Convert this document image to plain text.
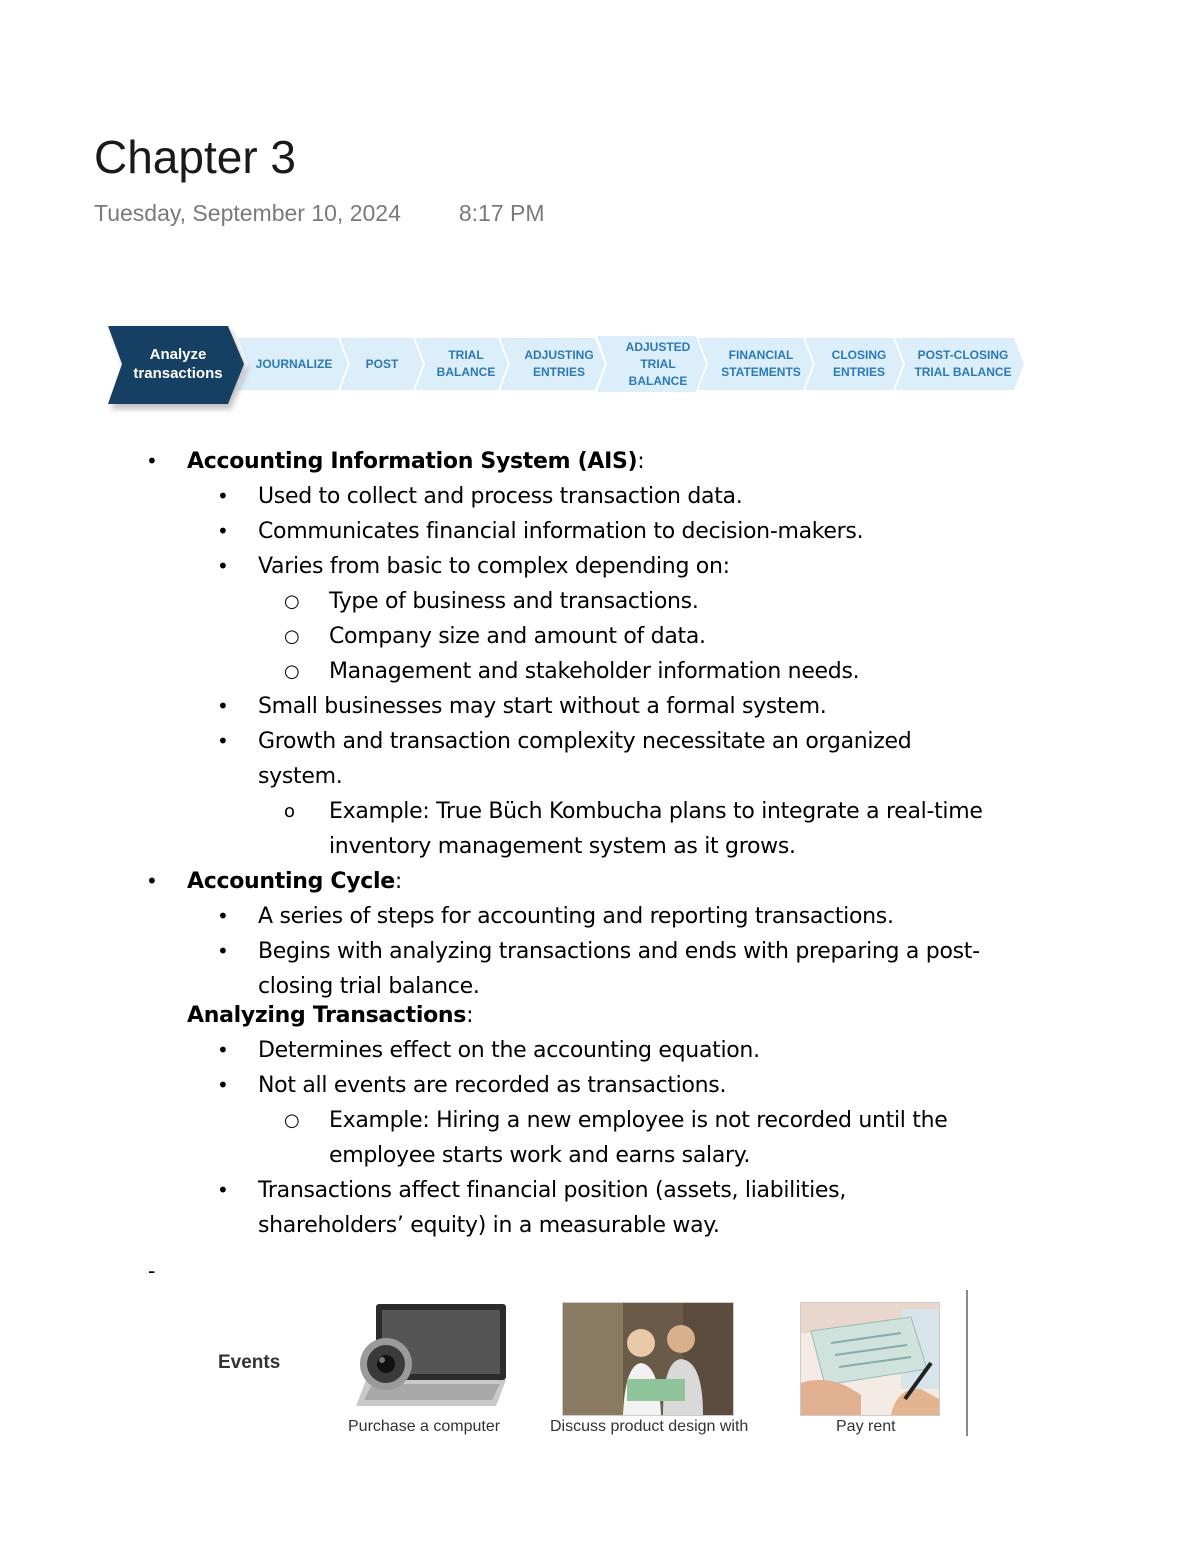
Chapter 3
Tuesday, September 10, 2024	8:17 PM
Analyze
transactions
JOURNALIZE	POST
TRIAL
BALANCE
ADJUSTING
ENTRIES
ADJUSTED
TRIAL
BALANCE
FINANCIAL
STATEMENTS
CLOSING
ENTRIES
POST-CLOSING
TRIAL BALANCE
• Accounting Information System (AIS):
• Used to collect and process transaction data.
• Communicates financial information to decision-makers.
• Varies from basic to complex depending on:
○ Type of business and transactions.
○ Company size and amount of data.
○ Management and stakeholder information needs.
• Small businesses may start without a formal system.
• Growth and transaction complexity necessitate an organized system.
o Example: True Büch Kombucha plans to integrate a real-time inventory management system as it grows.
• Accounting Cycle:
• A series of steps for accounting and reporting transactions.
• Begins with analyzing transactions and ends with preparing a post-closing trial balance.
Analyzing Transactions:
• Determines effect on the accounting equation.
• Not all events are recorded as transactions.
○ Example: Hiring a new employee is not recorded until the employee starts work and earns salary.
• Transactions affect financial position (assets, liabilities, shareholders’ equity) in a measurable way.
-
Events
Purchase a computer	Discuss product design with	Pay rent
